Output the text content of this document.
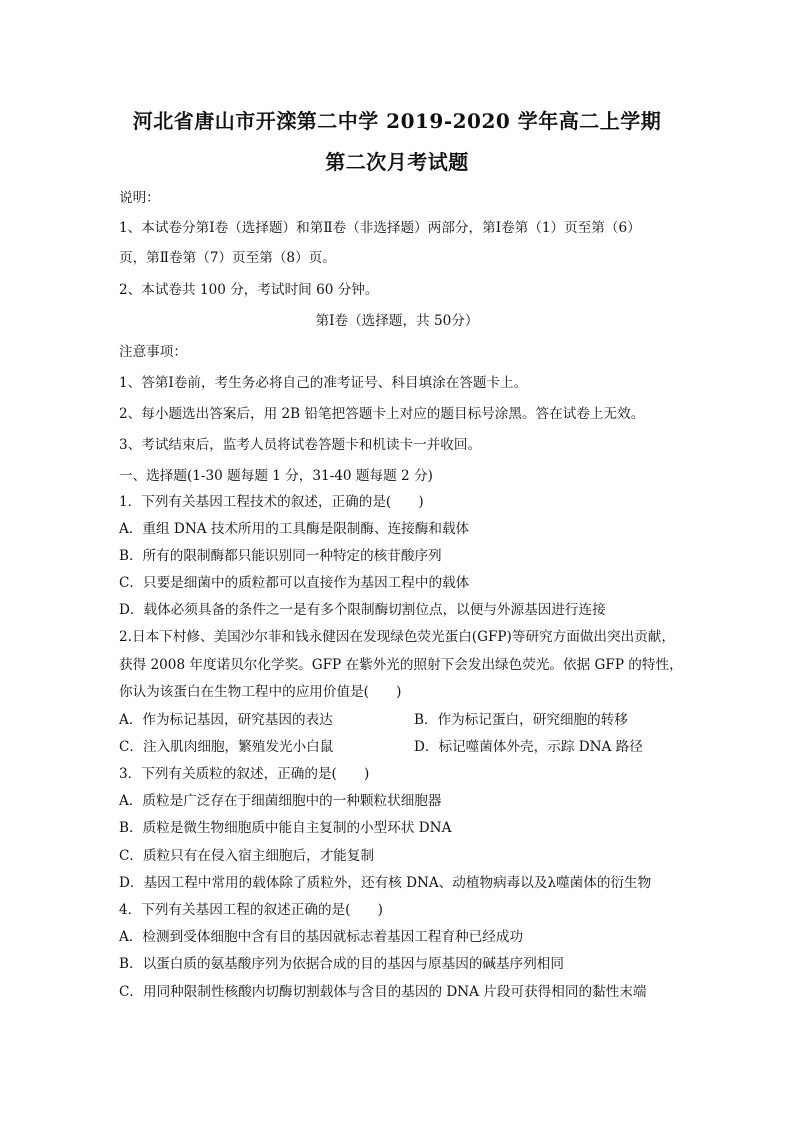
河北省唐山市开滦第二中学 2019-2020 学年高二上学期
第二次月考试题
说明：
1、本试卷分第Ⅰ卷（选择题）和第Ⅱ卷（非选择题）两部分，第Ⅰ卷第（1）页至第（6）
页，第Ⅱ卷第（7）页至第（8）页。
2、本试卷共 100 分，考试时间 60 分钟。
第Ⅰ卷（选择题，共 50分）
注意事项：
1、答第Ⅰ卷前，考生务必将自己的准考证号、科目填涂在答题卡上。
2、每小题选出答案后，用 2B 铅笔把答题卡上对应的题目标号涂黑。答在试卷上无效。
3、考试结束后，监考人员将试卷答题卡和机读卡一并收回。
一、选择题(1-30 题每题 1 分，31-40 题每题 2 分)
1．下列有关基因工程技术的叙述，正确的是(　　)
A．重组 DNA 技术所用的工具酶是限制酶、连接酶和载体
B．所有的限制酶都只能识别同一种特定的核苷酸序列
C．只要是细菌中的质粒都可以直接作为基因工程中的载体
D．载体必须具备的条件之一是有多个限制酶切割位点，以便与外源基因进行连接
2.日本下村修、美国沙尔菲和钱永健因在发现绿色荧光蛋白(GFP)等研究方面做出突出贡献，
获得 2008 年度诺贝尔化学奖。GFP 在紫外光的照射下会发出绿色荧光。依据 GFP 的特性，
你认为该蛋白在生物工程中的应用价值是(　　)
A．作为标记基因，研究基因的表达	B．作为标记蛋白，研究细胞的转移
C．注入肌肉细胞，繁殖发光小白鼠	D．标记噬菌体外壳，示踪 DNA 路径
3．下列有关质粒的叙述，正确的是(　　)
A．质粒是广泛存在于细菌细胞中的一种颗粒状细胞器
B．质粒是微生物细胞质中能自主复制的小型环状 DNA
C．质粒只有在侵入宿主细胞后，才能复制
D．基因工程中常用的载体除了质粒外，还有核 DNA、动植物病毒以及λ噬菌体的衍生物
4．下列有关基因工程的叙述正确的是(　　)
A．检测到受体细胞中含有目的基因就标志着基因工程育种已经成功
B．以蛋白质的氨基酸序列为依据合成的目的基因与原基因的碱基序列相同
C．用同种限制性核酸内切酶切割载体与含目的基因的 DNA 片段可获得相同的黏性末端
